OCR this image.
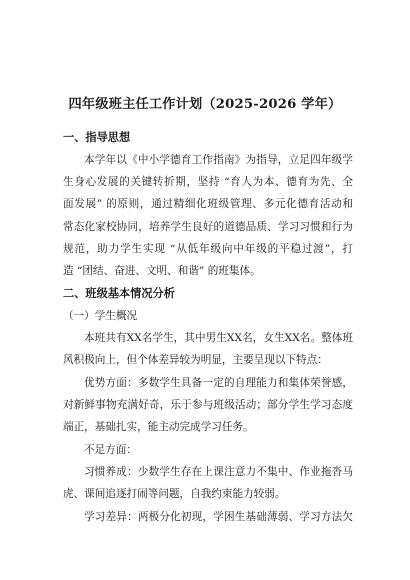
四年级班主任工作计划（2025-2026 学年）
一、指导思想
本学年以《中小学德育工作指南》为指导，立足四年级学
生身心发展的关键转折期，坚持 “育人为本、德育为先、全
面发展” 的原则，通过精细化班级管理、多元化德育活动和
常态化家校协同，培养学生良好的道德品质、学习习惯和行为
规范，助力学生实现 “从低年级向中年级的平稳过渡”，打
造 “团结、奋进、文明、和谐” 的班集体。
二、班级基本情况分析
（一）学生概况
本班共有XX名学生，其中男生XX名，女生XX名。整体班
风积极向上，但个体差异较为明显，主要呈现以下特点：
优势方面：多数学生具备一定的自理能力和集体荣誉感，
对新鲜事物充满好奇，乐于参与班级活动；部分学生学习态度
端正，基础扎实，能主动完成学习任务。
不足方面：
习惯养成：少数学生存在上课注意力不集中、作业拖沓马
虎、课间追逐打闹等问题，自我约束能力较弱。
学习差异：两极分化初现，学困生基础薄弱、学习方法欠
